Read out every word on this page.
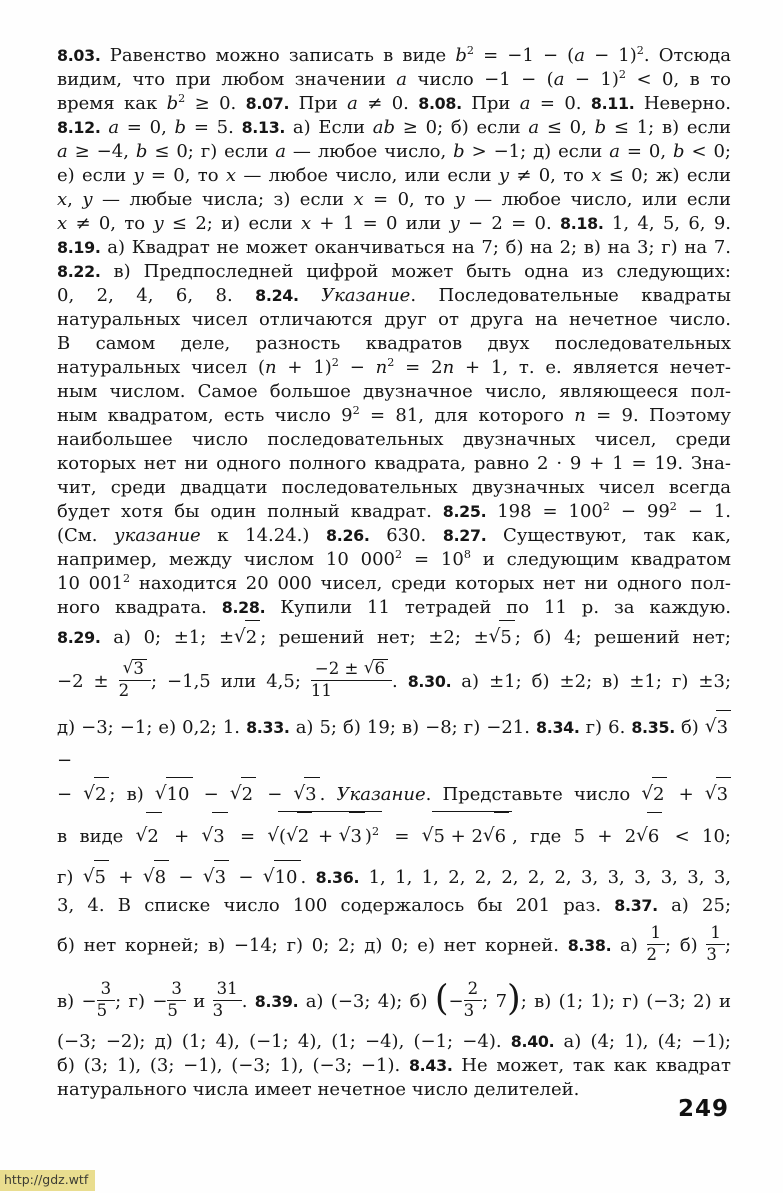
8.03. Равенство можно записать в виде $b^2 = -1 - (a - 1)^2$. Отсюда
видим, что при любом значении a число $-1 - (a - 1)^2 < 0$, в то
время как $b^2 \ge 0$. 8.07. При a ≠ 0. 8.08. При a = 0. 8.11. Неверно.
8.12. a = 0, b = 5. 8.13. а) Если ab ≥ 0; б) если a ≤ 0, b ≤ 1; в) если
a ≥ −4, b ≤ 0; г) если a — любое число, b > −1; д) если a = 0, b < 0;
е) если y = 0, то x — любое число, или если y ≠ 0, то x ≤ 0; ж) если
x, y — любые числа; з) если x = 0, то y — любое число, или если
x ≠ 0, то y ≤ 2; и) если x + 1 = 0 или y − 2 = 0. 8.18. 1, 4, 5, 6, 9.
8.19. а) Квадрат не может оканчиваться на 7; б) на 2; в) на 3; г) на 7.
8.22. в) Предпоследней цифрой может быть одна из следующих:
0, 2, 4, 6, 8. 8.24. Указание. Последовательные квадраты
натуральных чисел отличаются друг от друга на нечетное число.
В самом деле, разность квадратов двух последовательных
натуральных чисел $(n + 1)^2 - n^2 = 2n + 1$, т. е. является нечет-
ным числом. Самое большое двузначное число, являющееся пол-
ным квадратом, есть число $9^2 = 81$, для которого n = 9. Поэтому
наибольшее число последовательных двузначных чисел, среди
которых нет ни одного полного квадрата, равно 2 · 9 + 1 = 19. Зна-
чит, среди двадцати последовательных двузначных чисел всегда
будет хотя бы один полный квадрат. 8.25. $198 = 100^2 - 99^2 - 1$.
(См. указание к 14.24.) 8.26. 630. 8.27. Существуют, так как,
например, между числом 10 $000^2 = 10^8$ и следующим квадратом
10 $001^2$ находится 20 000 чисел, среди которых нет ни одного пол-
ного квадрата. 8.28. Купили 11 тетрадей по 11 р. за каждую.
8.29. а) 0; ±1; ±√2 ; решений нет; ±2; ±√5 ; б) 4; решений нет;
$-2 \pm \frac{√3}{2}$ ; −1,5 или 4,5; $\frac{-2 \pm √6}{11}$ . 8.30. а) ±1; б) ±2; в) ±1; г) ±3;
д) −3; −1; е) 0,2; 1. 8.33. а) 5; б) 19; в) −8; г) −21. 8.34. г) 6. 8.35. б) √3 −
− √2 ; в) √10 − √2 − √3 . Указание. Представьте число √2 + √3
в виде √2 + √3 = √(√2 + √3 )$^2$ = √5 + 2√6 , где 5 + 2√6 < 10;
г) √5 + √8 − √3 − √10 . 8.36. 1, 1, 1, 2, 2, 2, 2, 2, 3, 3, 3, 3, 3, 3,
3, 4. В списке число 100 содержалось бы 201 раз. 8.37. а) 25;
б) нет корней; в) −14; г) 0; 2; д) 0; е) нет корней. 8.38. $а) \frac{1}{2}$ ; $б) \frac{1}{3}$ ;
$в) - \frac{3}{5}$ ; $г) - \frac{3}{5}$ и $\frac{31}{3}$ . 8.39. а) (−3; 4); б) (− $\frac{2}{3}$ ; 7); в) (1; 1); г) (−3; 2) и
(−3; −2); д) (1; 4), (−1; 4), (1; −4), (−1; −4). 8.40. а) (4; 1), (4; −1);
б) (3; 1), (3; −1), (−3; 1), (−3; −1). 8.43. Не может, так как квадрат
натурального числа имеет нечетное число делителей.
249
http://gdz.wtf
